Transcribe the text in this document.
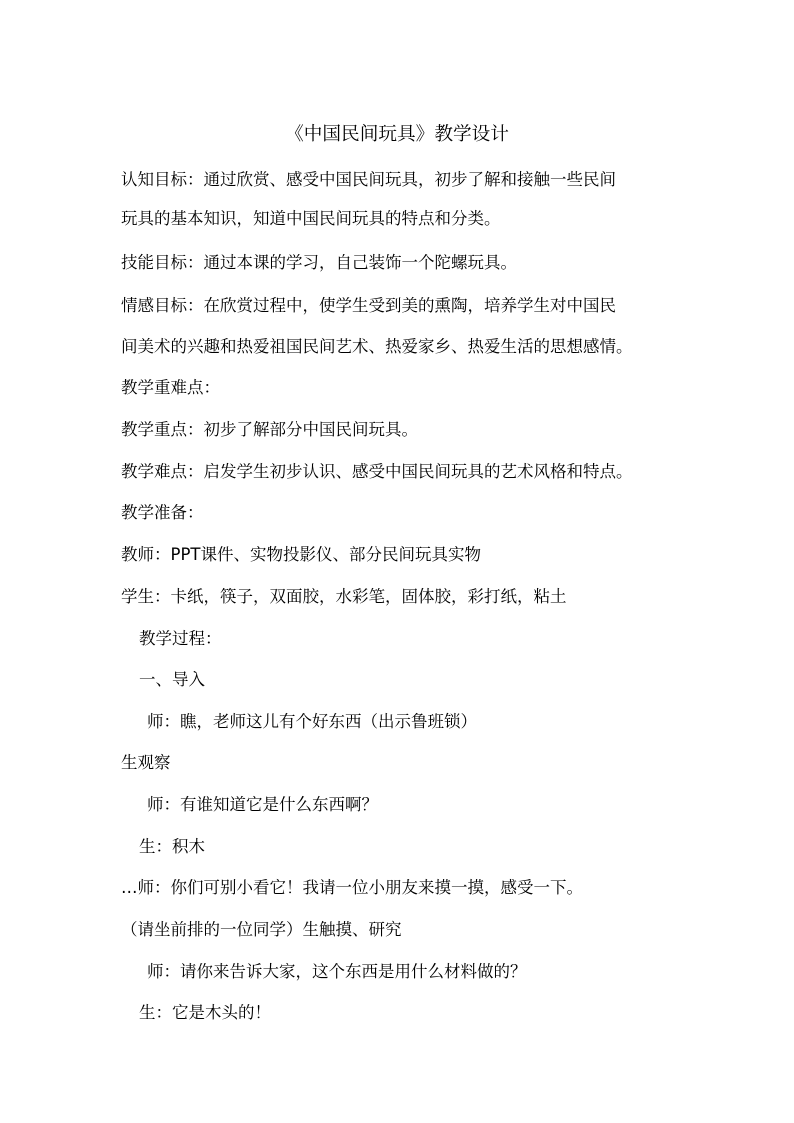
《中国民间玩具》教学设计
认知目标：通过欣赏、感受中国民间玩具，初步了解和接触一些民间
玩具的基本知识，知道中国民间玩具的特点和分类。
技能目标：通过本课的学习，自己装饰一个陀螺玩具。
情感目标：在欣赏过程中，使学生受到美的熏陶，培养学生对中国民
间美术的兴趣和热爱祖国民间艺术、热爱家乡、热爱生活的思想感情。
教学重难点：
教学重点：初步了解部分中国民间玩具。
教学难点：启发学生初步认识、感受中国民间玩具的艺术风格和特点。
教学准备：
教师：PPT课件、实物投影仪、部分民间玩具实物
学生：卡纸，筷子，双面胶，水彩笔，固体胶，彩打纸，粘土
教学过程：
一、导入
师：瞧，老师这儿有个好东西（出示鲁班锁）
生观察
师：有谁知道它是什么东西啊？
生：积木
…师：你们可别小看它！我请一位小朋友来摸一摸，感受一下。
（请坐前排的一位同学）生触摸、研究
师：请你来告诉大家，这个东西是用什么材料做的？
生：它是木头的！
